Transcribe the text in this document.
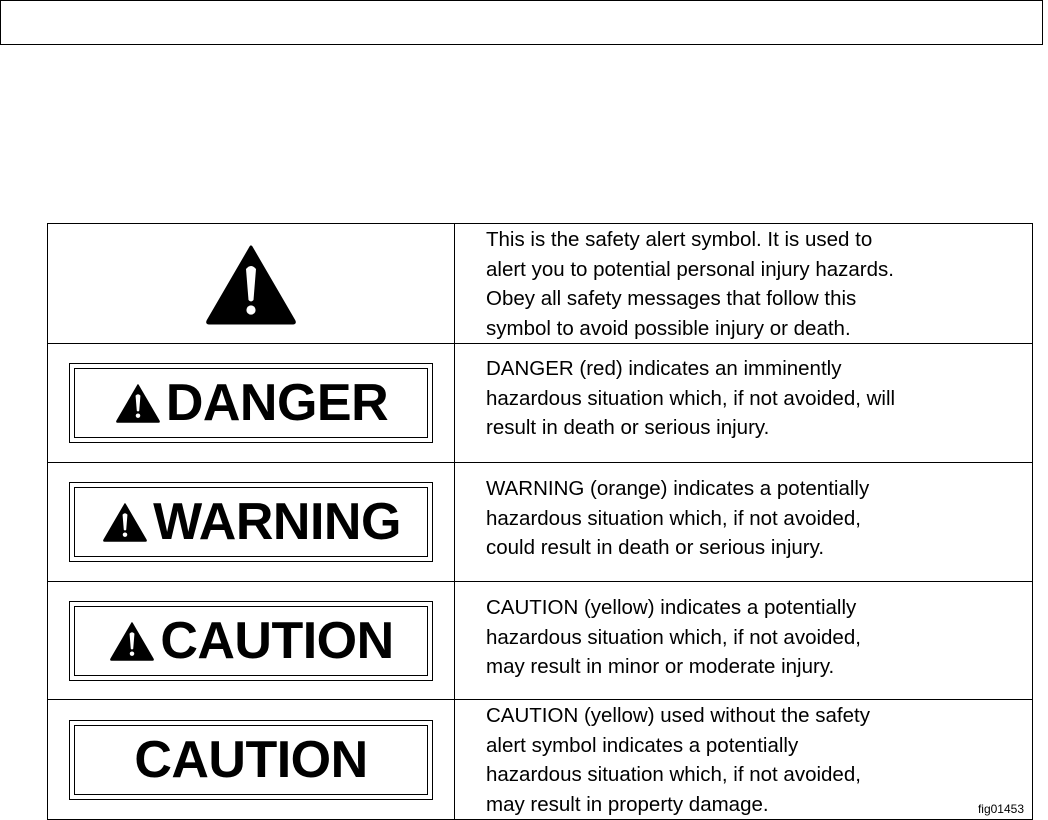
This is the safety alert symbol. It is used to
alert you to potential personal injury hazards.
Obey all safety messages that follow this
symbol to avoid possible injury or death.

DANGER	DANGER (red) indicates an imminently
hazardous situation which, if not avoided, will
result in death or serious injury.

WARNING	WARNING (orange) indicates a potentially
hazardous situation which, if not avoided,
could result in death or serious injury.

CAUTION	CAUTION (yellow) indicates a potentially
hazardous situation which, if not avoided,
may result in minor or moderate injury.

CAUTION	CAUTION (yellow) used without the safety
alert symbol indicates a potentially
hazardous situation which, if not avoided,
may result in property damage. fig01453
